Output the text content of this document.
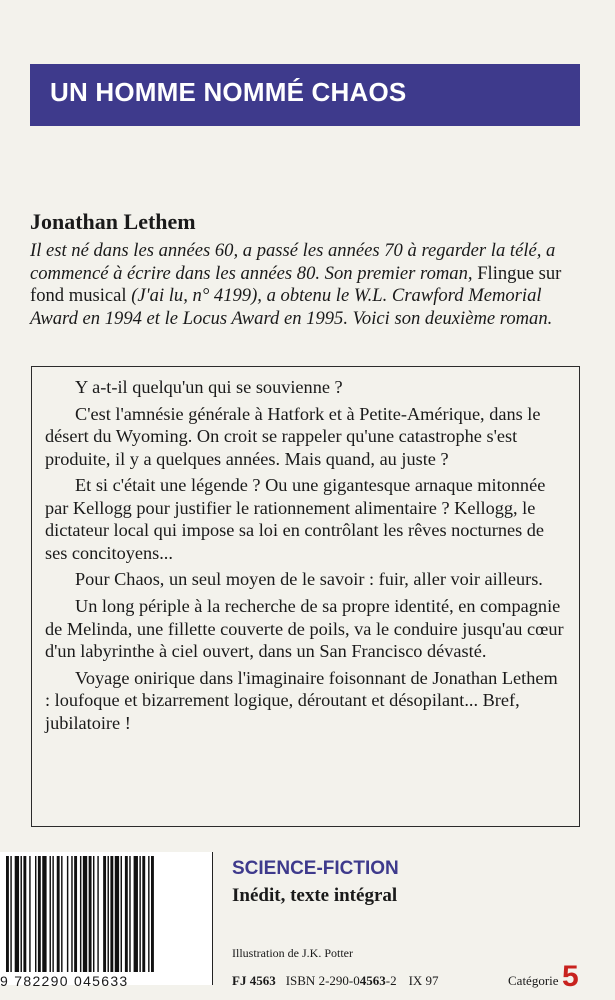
UN HOMME NOMMÉ CHAOS
Jonathan Lethem
Il est né dans les années 60, a passé les années 70 à regarder la télé, a commencé à écrire dans les années 80. Son premier roman, Flingue sur fond musical (J'ai lu, n° 4199), a obtenu le W.L. Crawford Memorial Award en 1994 et le Locus Award en 1995. Voici son deuxième roman.

Y a-t-il quelqu'un qui se souvienne ?

C'est l'amnésie générale à Hatfork et à Petite-Amérique, dans le désert du Wyoming. On croit se rappeler qu'une catastrophe s'est produite, il y a quelques années. Mais quand, au juste ?

Et si c'était une légende ? Ou une gigantesque arnaque mitonnée par Kellogg pour justifier le rationnement alimentaire ? Kellogg, le dictateur local qui impose sa loi en contrôlant les rêves nocturnes de ses concitoyens...

Pour Chaos, un seul moyen de le savoir : fuir, aller voir ailleurs.

Un long périple à la recherche de sa propre identité, en compagnie de Melinda, une fillette couverte de poils, va le conduire jusqu'au cœur d'un labyrinthe à ciel ouvert, dans un San Francisco dévasté.

Voyage onirique dans l'imaginaire foisonnant de Jonathan Lethem : loufoque et bizarrement logique, déroutant et désopilant... Bref, jubilatoire !

9 782290 045633
SCIENCE-FICTION
Inédit, texte intégral
Illustration de J.K. Potter
FJ 4563 ISBN 2-290-04563-2 IX 97	Catégorie 5
